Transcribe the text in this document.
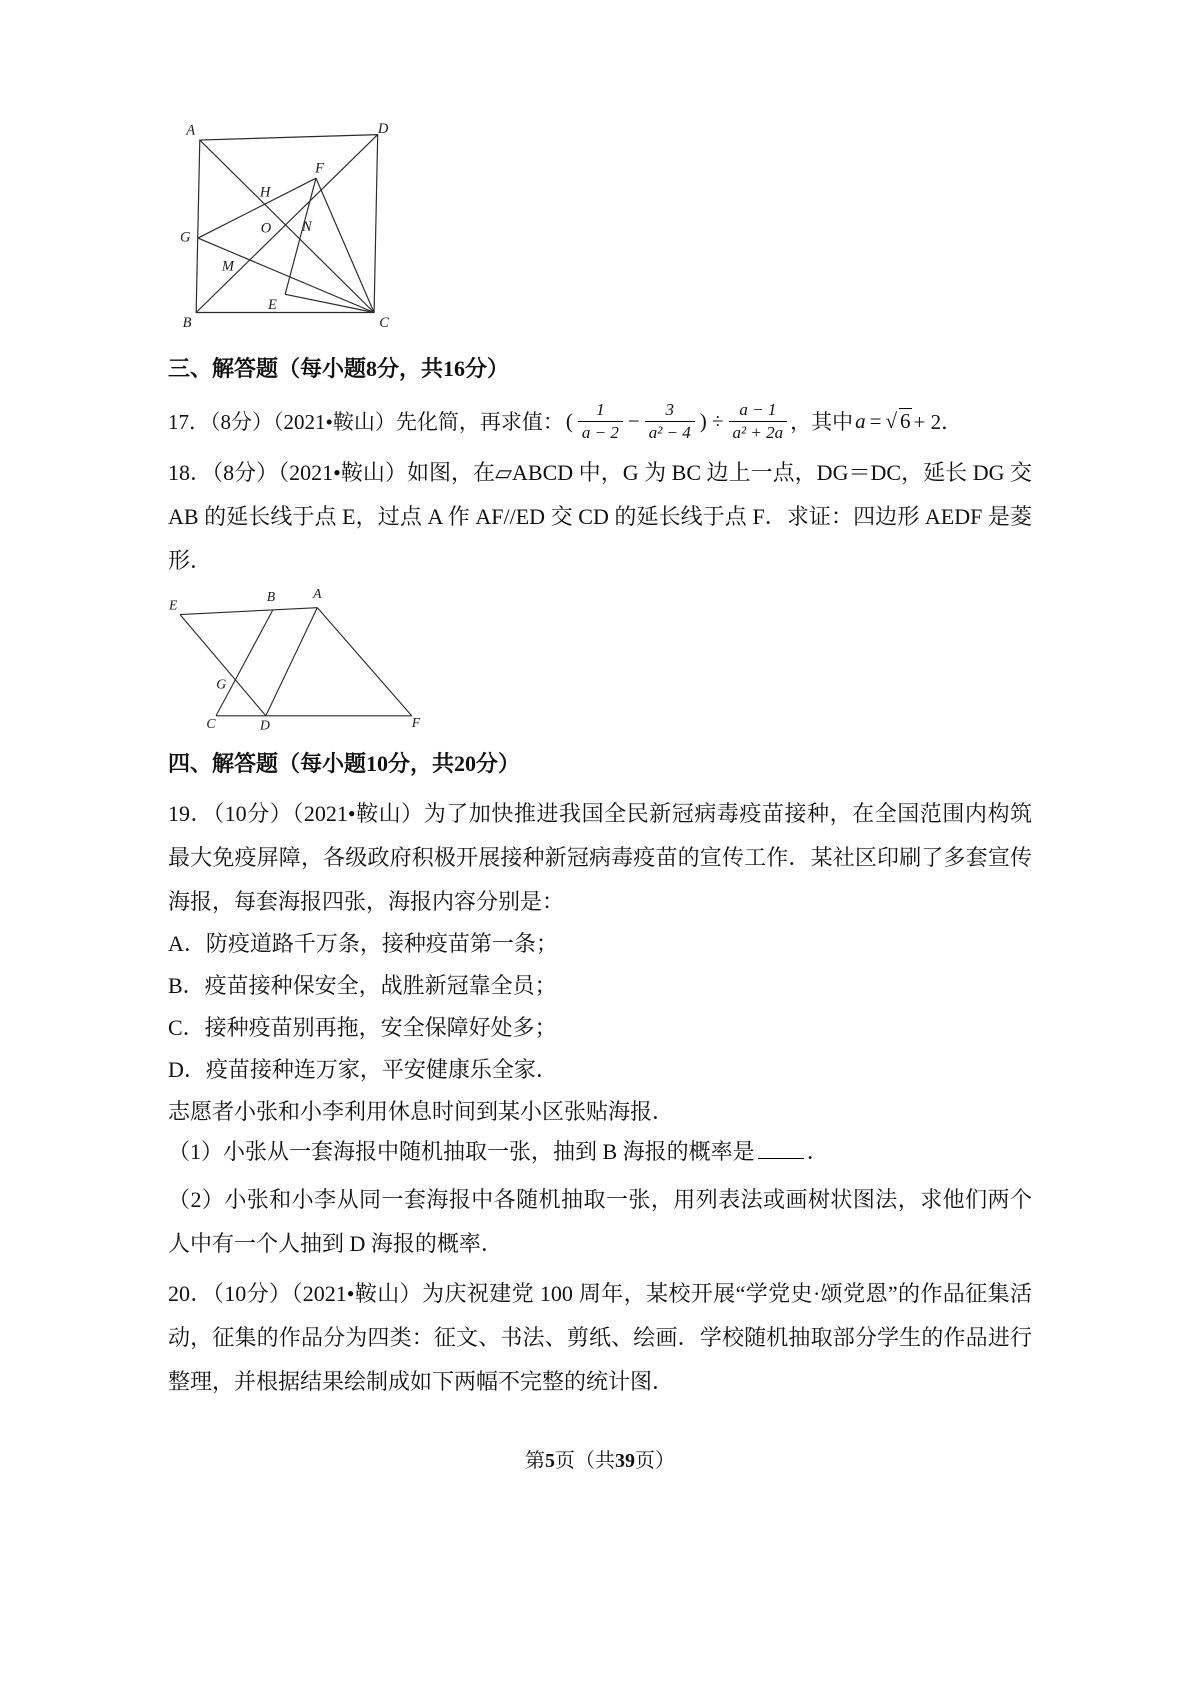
A	D
H
F
G
O N
M
E
B	C
三、解答题（每小题8分，共16分）
17．（8分）（2021•鞍山）先化简，再求值： ( $\frac{1}{a - 2} - \frac{3}{\text{a² − 4}}$ ) ÷ $\frac{a - 1}{\text{a² + 2a}}$ ，其中 a = √ 6 + 2．
18．（8分）（2021•鞍山）如图，在▱ABCD 中，G 为 BC 边上一点，DG＝DC，延长 DG 交 AB 的延长线于点 E，过点 A 作 AF//ED 交 CD 的延长线于点 F．求证：四边形 AEDF 是菱形．
E
B A
G
C	D	F
四、解答题（每小题10分，共20分）
19．（10分）（2021•鞍山）为了加快推进我国全民新冠病毒疫苗接种，在全国范围内构筑最大免疫屏障，各级政府积极开展接种新冠病毒疫苗的宣传工作．某社区印刷了多套宣传海报，每套海报四张，海报内容分别是：
A．防疫道路千万条，接种疫苗第一条；
B．疫苗接种保安全，战胜新冠靠全员；
C．接种疫苗别再拖，安全保障好处多；
D．疫苗接种连万家，平安健康乐全家．
志愿者小张和小李利用休息时间到某小区张贴海报．
（1）小张从一套海报中随机抽取一张，抽到 B 海报的概率是 ．
（2）小张和小李从同一套海报中各随机抽取一张，用列表法或画树状图法，求他们两个人中有一个人抽到 D 海报的概率．
20．（10分）（2021•鞍山）为庆祝建党 100 周年，某校开展“学党史·颂党恩”的作品征集活动，征集的作品分为四类：征文、书法、剪纸、绘画．学校随机抽取部分学生的作品进行整理，并根据结果绘制成如下两幅不完整的统计图．
第5页（共39页）
